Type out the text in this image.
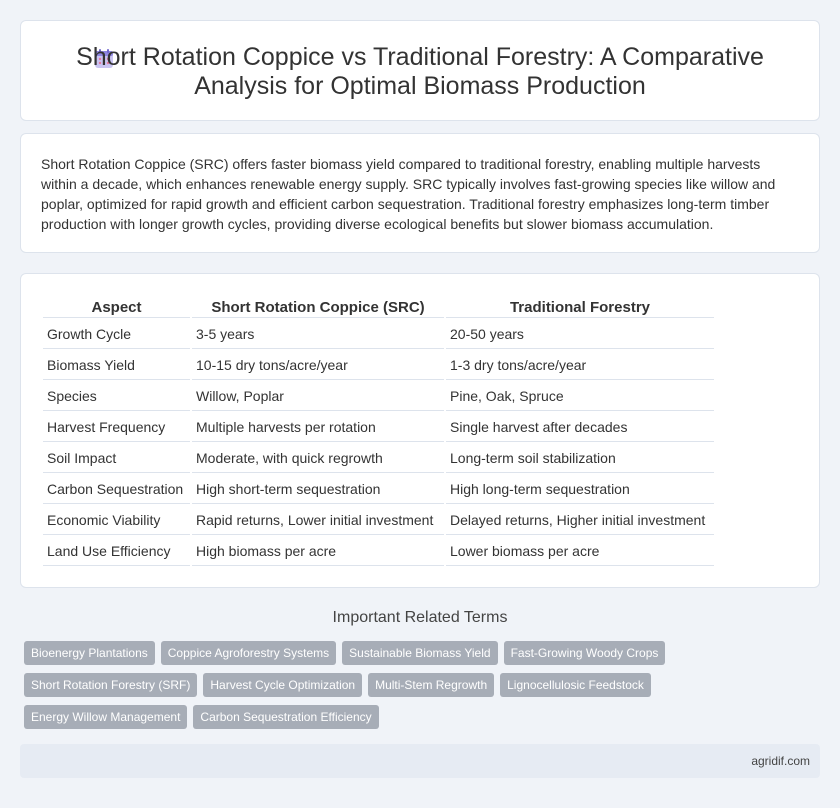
Short Rotation Coppice vs Traditional Forestry: A Comparative
Analysis for Optimal Biomass Production

Short Rotation Coppice (SRC) offers faster biomass yield compared to traditional forestry, enabling multiple harvests within a decade, which enhances renewable energy supply. SRC typically involves fast-growing species like willow and poplar, optimized for rapid growth and efficient carbon sequestration. Traditional forestry emphasizes long-term timber production with longer growth cycles, providing diverse ecological benefits but slower biomass accumulation.

Aspect	Short Rotation Coppice (SRC)	Traditional Forestry
Growth Cycle	3-5 years	20-50 years
Biomass Yield	10-15 dry tons/acre/year	1-3 dry tons/acre/year
Species	Willow, Poplar	Pine, Oak, Spruce
Harvest Frequency	Multiple harvests per rotation	Single harvest after decades
Soil Impact	Moderate, with quick regrowth	Long-term soil stabilization
Carbon Sequestration	High short-term sequestration	High long-term sequestration
Economic Viability	Rapid returns, Lower initial investment	Delayed returns, Higher initial investment
Land Use Efficiency	High biomass per acre	Lower biomass per acre
Important Related Terms
Bioenergy Plantations	Coppice Agroforestry Systems	Sustainable Biomass Yield	Fast-Growing Woody Crops
Short Rotation Forestry (SRF)	Harvest Cycle Optimization	Multi-Stem Regrowth	Lignocellulosic Feedstock
Energy Willow Management	Carbon Sequestration Efficiency
agridif.com
